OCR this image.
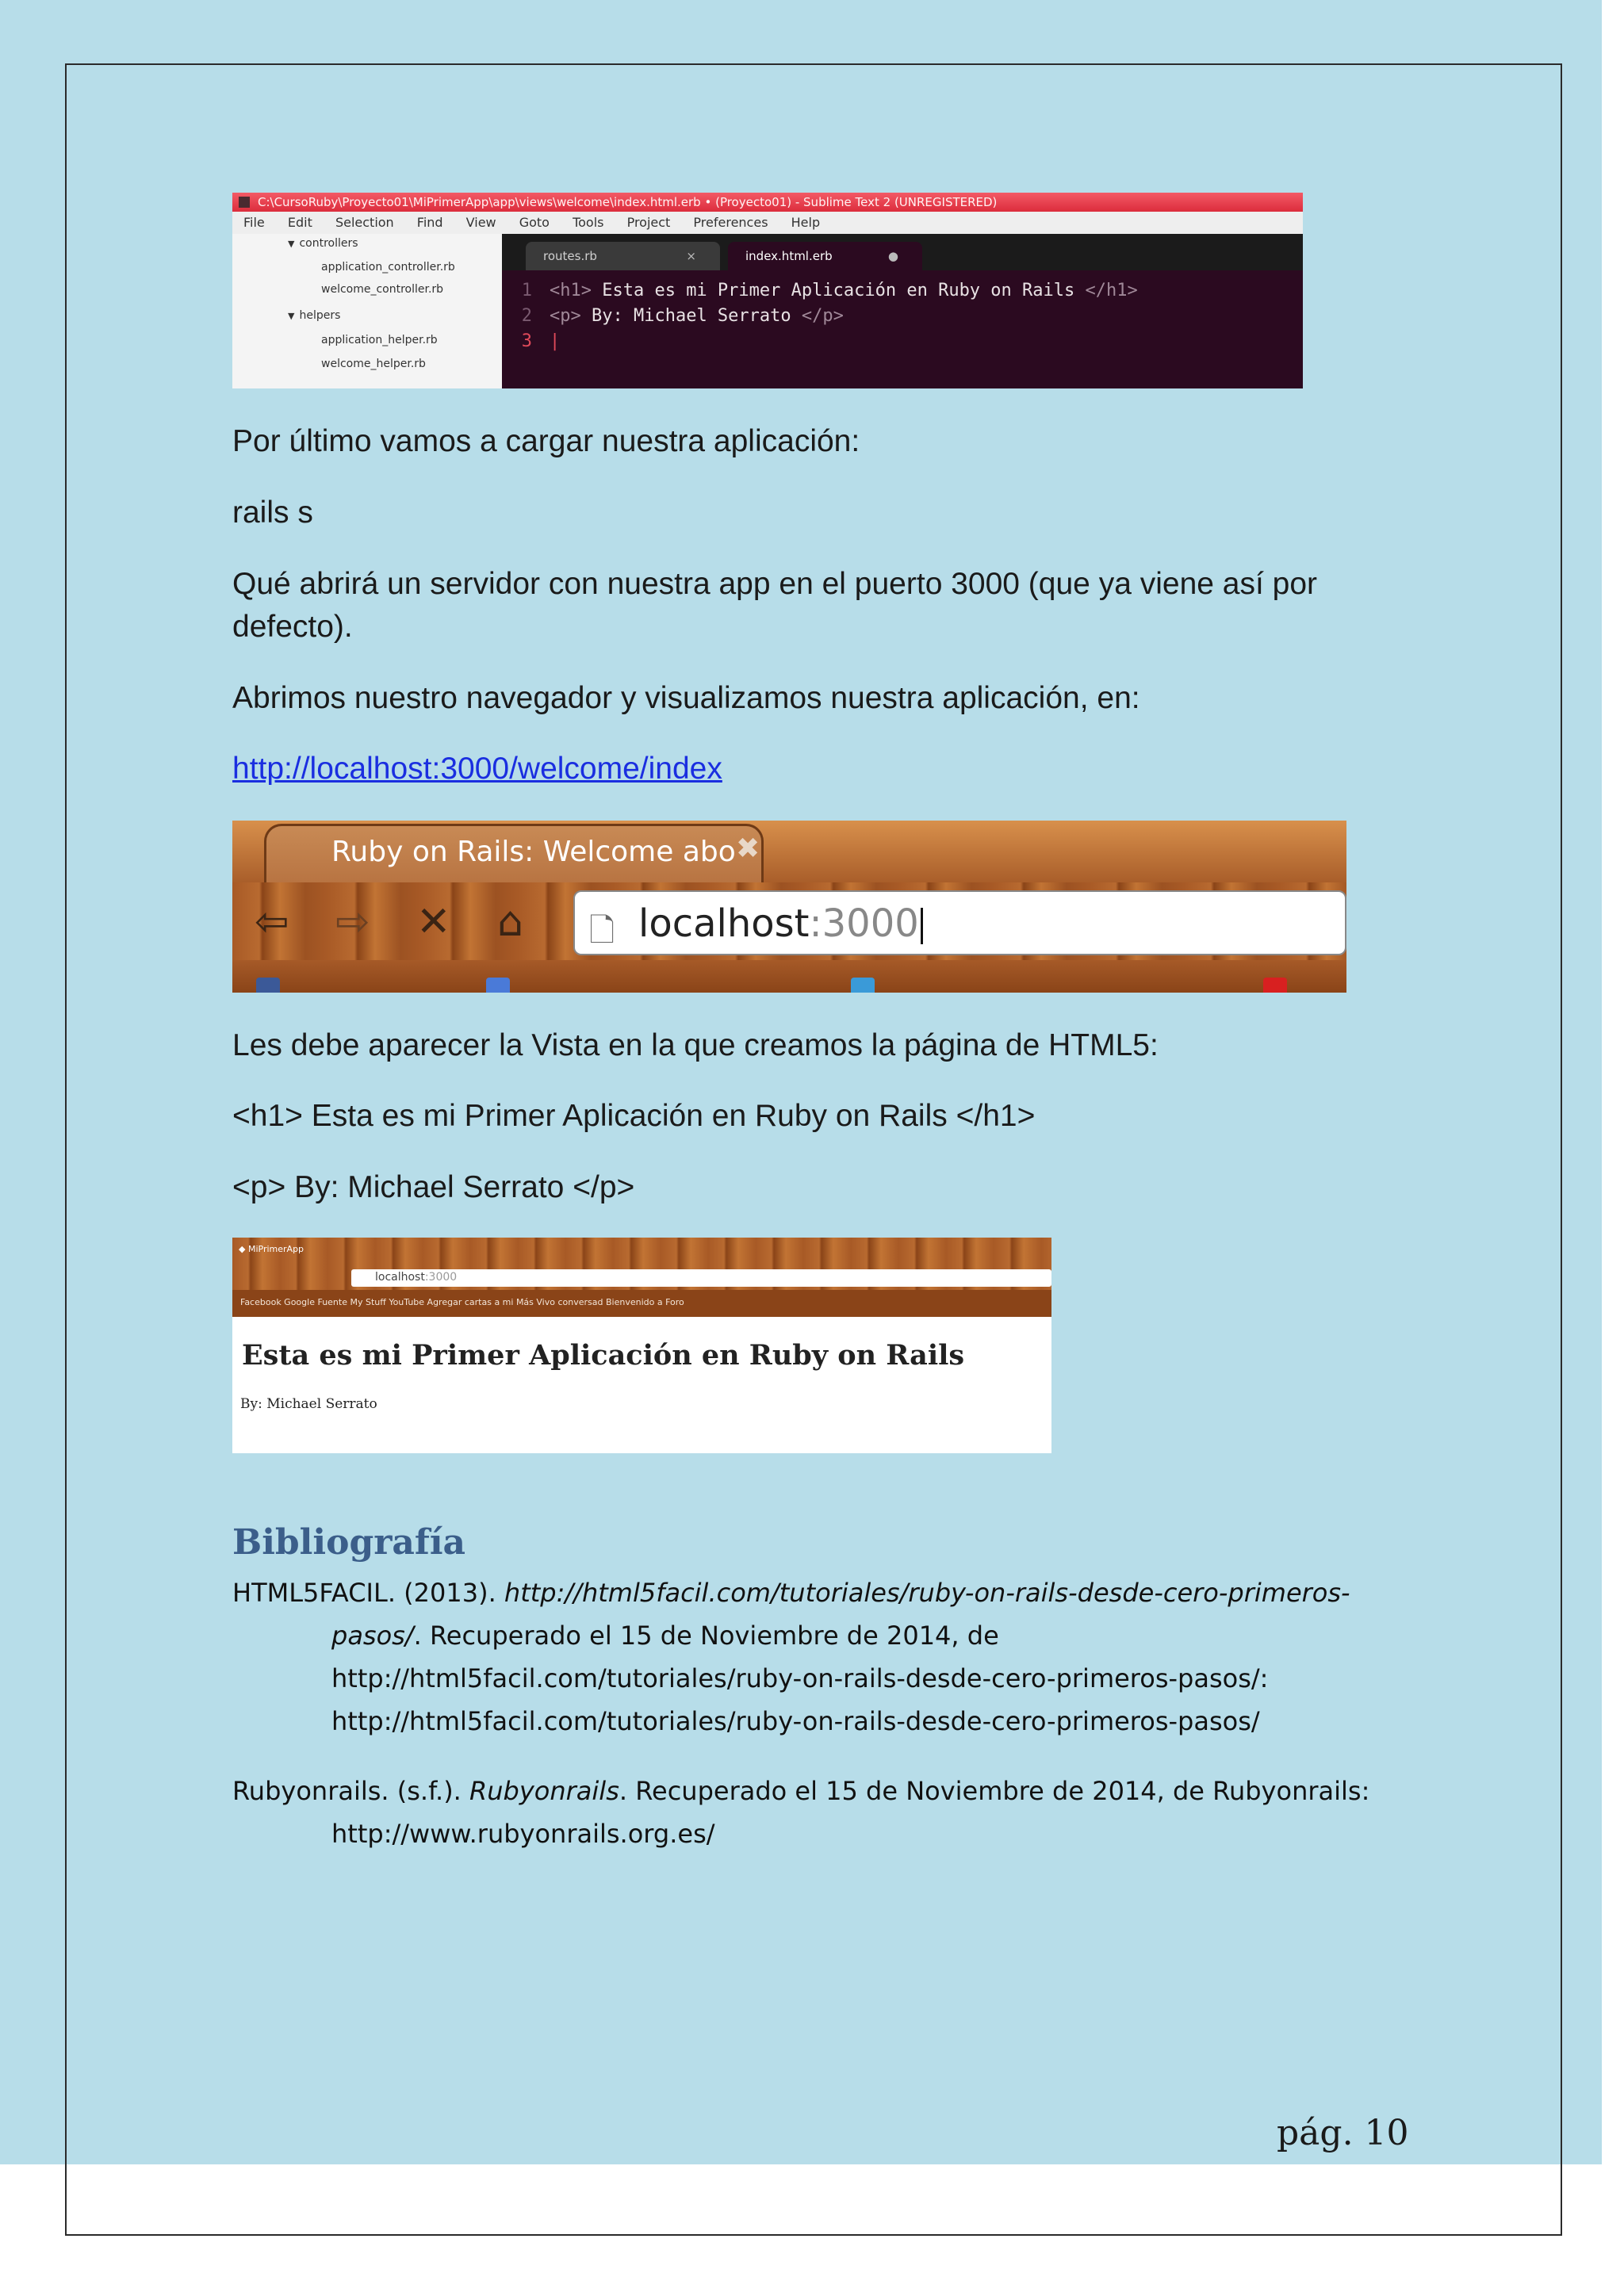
C:\CursoRuby\Proyecto01\MiPrimerApp\app\views\welcome\index.html.erb • (Proyecto01) - Sublime Text 2 (UNREGISTERED)
File Edit Selection Find View Goto Tools Project Preferences Help
▼ controllers
application_controller.rb
welcome_controller.rb
▼ helpers
application_helper.rb
welcome_helper.rb
routes.rb	×	index.html.erb	●
1
2
3
<h1> Esta es mi Primer Aplicación en Ruby on Rails </h1>
<p> By: Michael Serrato </p>
|

Por último vamos a cargar nuestra aplicación:

rails s

Qué abrirá un servidor con nuestra app en el puerto 3000 (que ya viene así por defecto).

Abrimos nuestro navegador y visualizamos nuestra aplicación, en:

http://localhost:3000/welcome/index

Ruby on Rails: Welcome abo ✖
⇦ ⇨ ✕ ⌂ 🗋 localhost:3000

Les debe aparecer la Vista en la que creamos la página de HTML5:

<h1> Esta es mi Primer Aplicación en Ruby on Rails </h1>

<p> By: Michael Serrato </p>

◆ MiPrimerApp
localhost:3000
Facebook Google Fuente My Stuff YouTube Agregar cartas a mi Más Vivo conversad Bienvenido a Foro
Esta es mi Primer Aplicación en Ruby on Rails
By: Michael Serrato
Bibliografía

HTML5FACIL. (2013). http://html5facil.com/tutoriales/ruby-on-rails-desde-cero-primeros-pasos/. Recuperado el 15 de Noviembre de 2014, de http://html5facil.com/tutoriales/ruby-on-rails-desde-cero-primeros-pasos/: http://html5facil.com/tutoriales/ruby-on-rails-desde-cero-primeros-pasos/

Rubyonrails. (s.f.). Rubyonrails. Recuperado el 15 de Noviembre de 2014, de Rubyonrails: http://www.rubyonrails.org.es/

pág. 10
